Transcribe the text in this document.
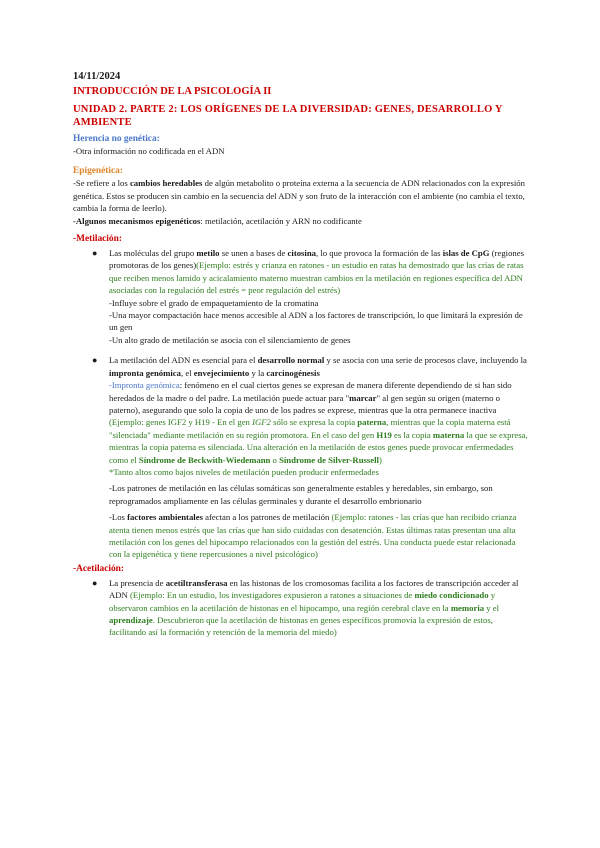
14/11/2024

INTRODUCCIÓN DE LA PSICOLOGÍA II

UNIDAD 2. PARTE 2: LOS ORÍGENES DE LA DIVERSIDAD: GENES, DESARROLLO Y AMBIENTE

Herencia no genética:

-Otra información no codificada en el ADN

Epigenética:

-Se refiere a los cambios heredables de algún metabolito o proteína externa a la secuencia de ADN relacionados con la expresión genética. Estos se producen sin cambio en la secuencia del ADN y son fruto de la interacción con el ambiente (no cambia el texto, cambia la forma de leerlo).

-Algunos mecanismos epigenéticos: metilación, acetilación y ARN no codificante

-Metilación:

● Las moléculas del grupo metilo se unen a bases de citosina, lo que provoca la formación de las islas de CpG (regiones promotoras de los genes)(Ejemplo: estrés y crianza en ratones - un estudio en ratas ha demostrado que las crías de ratas que reciben menos lamido y acicalamiento materno muestran cambios en la metilación en regiones específica del ADN asociadas con la regulación del estrés = peor regulación del estrés)

-Influye sobre el grado de empaquetamiento de la cromatina

-Una mayor compactación hace menos accesible al ADN a los factores de transcripción, lo que limitará la expresión de un gen

-Un alto grado de metilación se asocia con el silenciamiento de genes

● La metilación del ADN es esencial para el desarrollo normal y se asocia con una serie de procesos clave, incluyendo la impronta genómica, el envejecimiento y la carcinogénesis

-Impronta genómica: fenómeno en el cual ciertos genes se expresan de manera diferente dependiendo de si han sido heredados de la madre o del padre. La metilación puede actuar para "marcar" al gen según su origen (materno o paterno), asegurando que solo la copia de uno de los padres se exprese, mientras que la otra permanece inactiva (Ejemplo: genes IGF2 y H19 - En el gen IGF2 sólo se expresa la copia paterna, mientras que la copia materna está "silenciada" mediante metilación en su región promotora. En el caso del gen H19 es la copia materna la que se expresa, mientras la copia paterna es silenciada. Una alteración en la metilación de estos genes puede provocar enfermedades como el Síndrome de Beckwith-Wiedemann o Síndrome de Silver-Russell)

*Tanto altos como bajos niveles de metilación pueden producir enfermedades

-Los patrones de metilación en las células somáticas son generalmente estables y heredables, sin embargo, son reprogramados ampliamente en las células germinales y durante el desarrollo embrionario

-Los factores ambientales afectan a los patrones de metilación (Ejemplo: ratones - las crías que han recibido crianza atenta tienen menos estrés que las crías que han sido cuidadas con desatención. Estas últimas ratas presentan una alta metilación con los genes del hipocampo relacionados con la gestión del estrés. Una conducta puede estar relacionada con la epigenética y tiene repercusiones a nivel psicológico)

-Acetilación:

● La presencia de acetiltransferasa en las histonas de los cromosomas facilita a los factores de transcripción acceder al ADN (Ejemplo: En un estudio, los investigadores expusieron a ratones a situaciones de miedo condicionado y observaron cambios en la acetilación de histonas en el hipocampo, una región cerebral clave en la memoria y el aprendizaje. Descubrieron que la acetilación de histonas en genes específicos promovía la expresión de estos, facilitando así la formación y retención de la memoria del miedo)
